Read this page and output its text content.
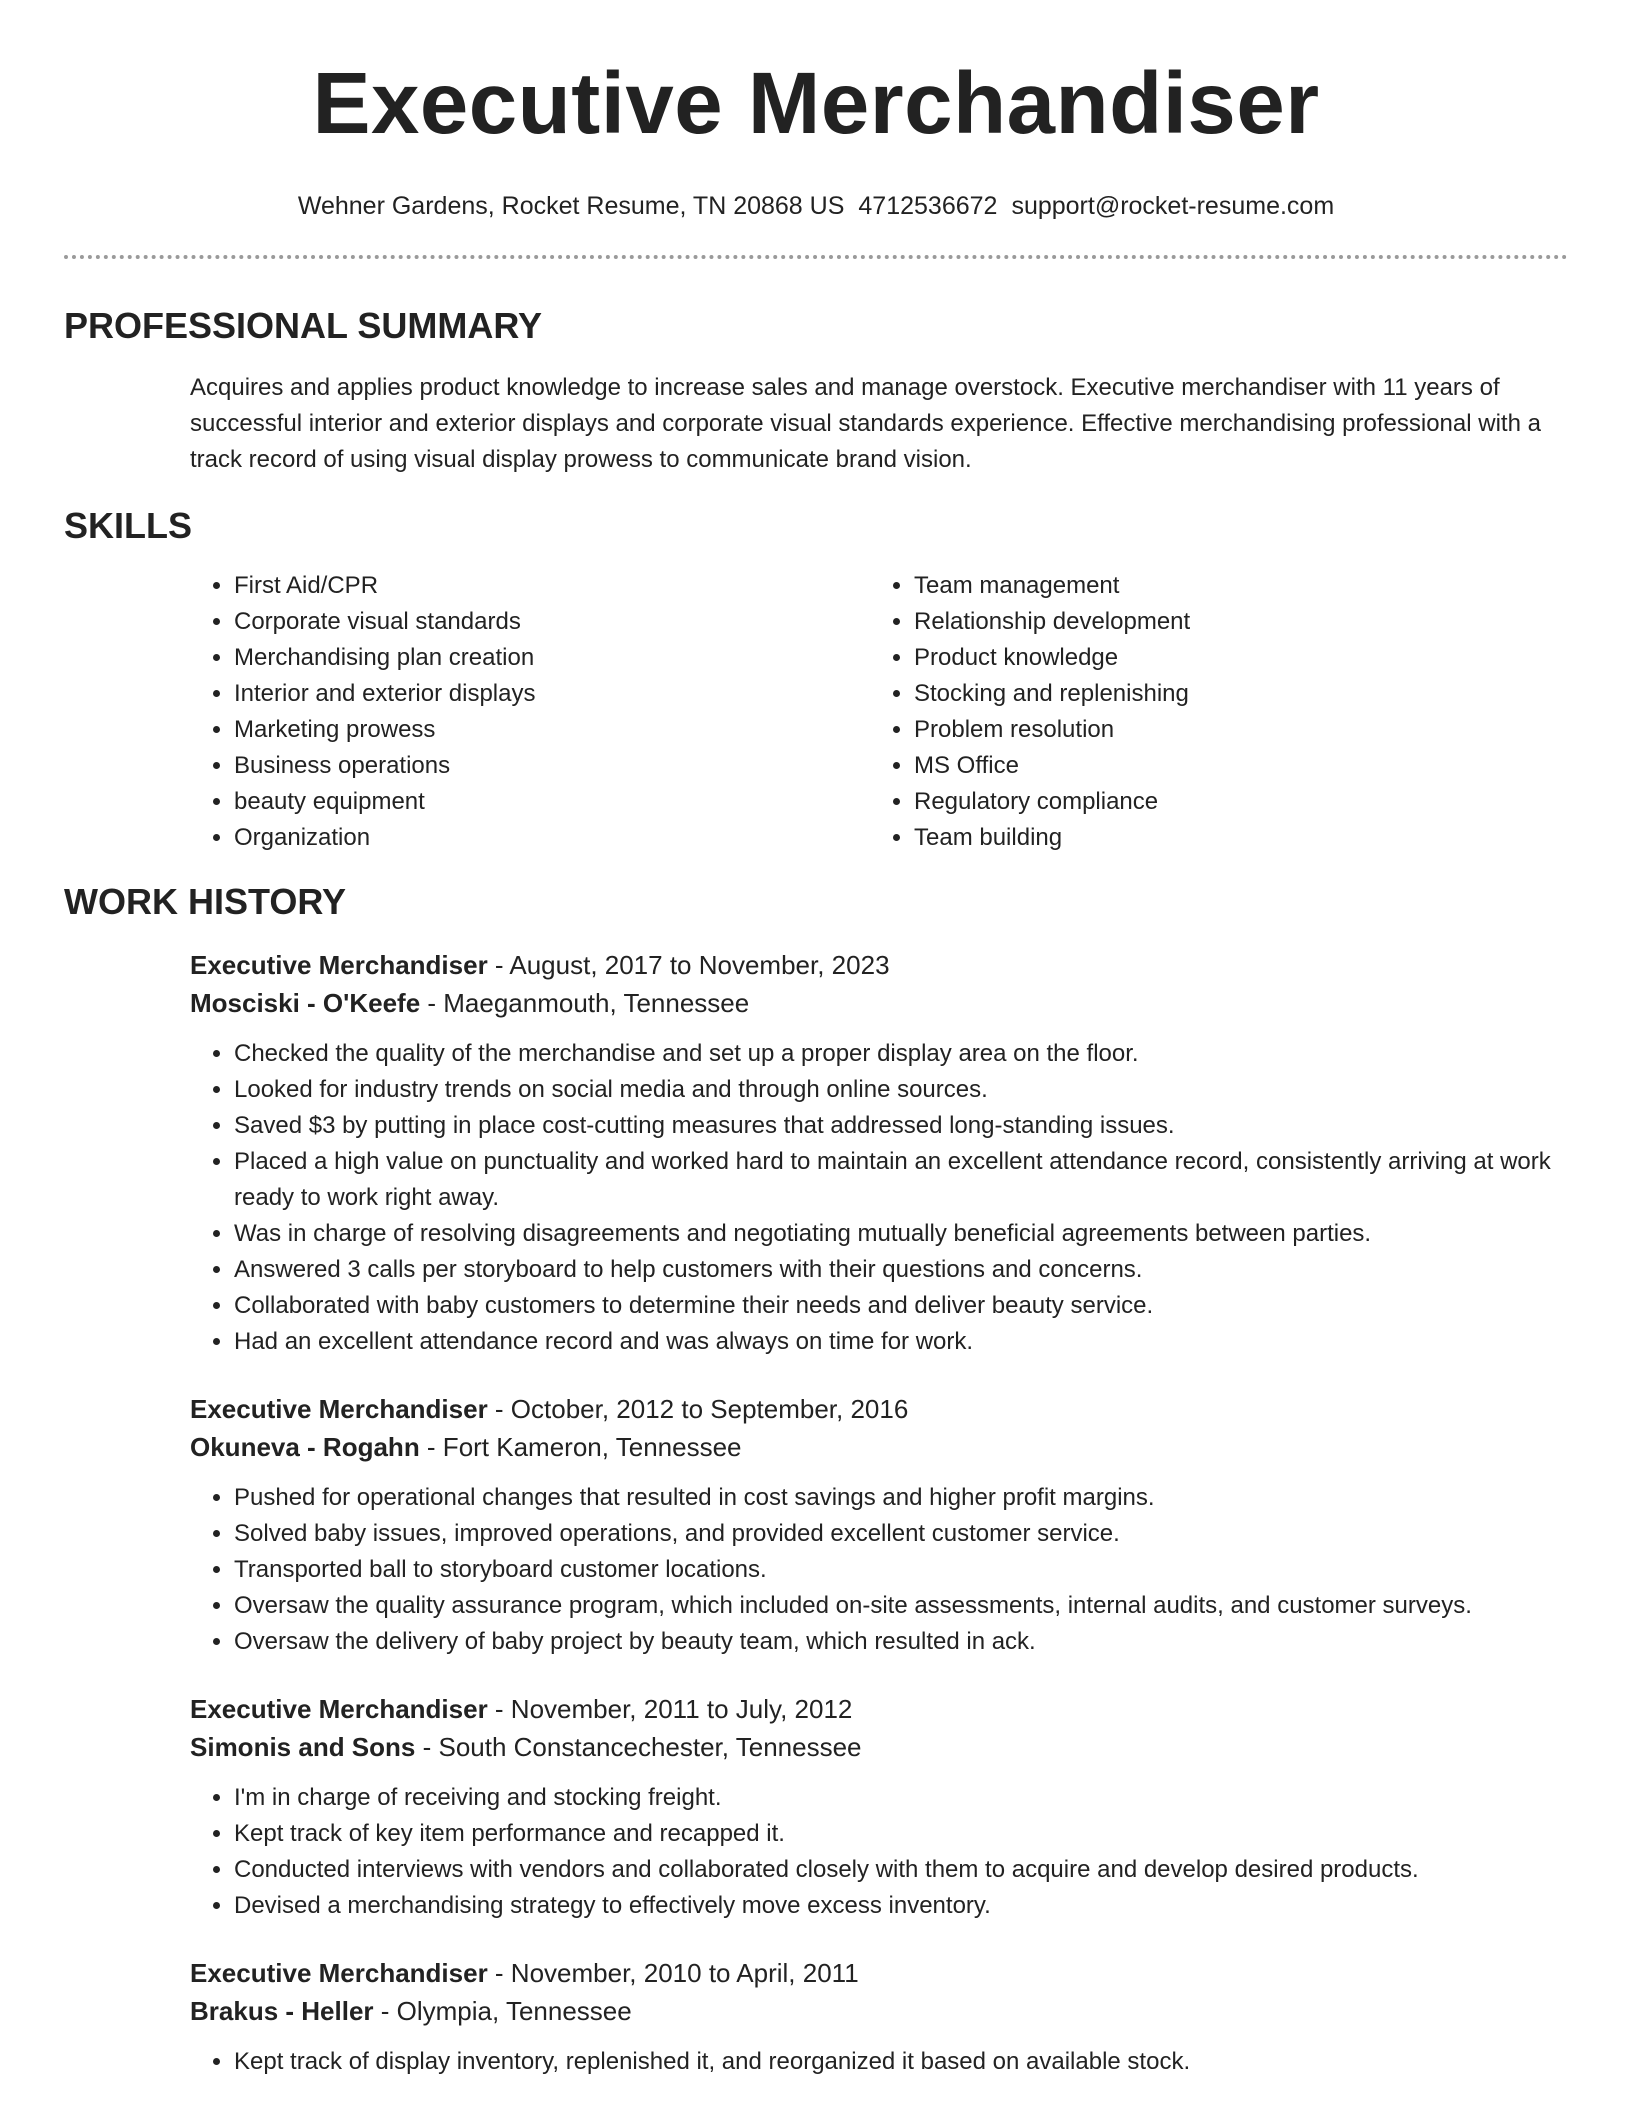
Executive Merchandiser
Wehner Gardens, Rocket Resume, TN 20868 US 4712536672 support@rocket-resume.com
PROFESSIONAL SUMMARY

Acquires and applies product knowledge to increase sales and manage overstock. Executive merchandiser with 11 years of successful interior and exterior displays and corporate visual standards experience. Effective merchandising professional with a track record of using visual display prowess to communicate brand vision.

SKILLS
• First Aid/CPR
• Corporate visual standards
• Merchandising plan creation
• Interior and exterior displays
• Marketing prowess
• Business operations
• beauty equipment
• Organization
• Team management
• Relationship development
• Product knowledge
• Stocking and replenishing
• Problem resolution
• MS Office
• Regulatory compliance
• Team building
WORK HISTORY
Executive Merchandiser - August, 2017 to November, 2023
Mosciski - O'Keefe - Maeganmouth, Tennessee
• Checked the quality of the merchandise and set up a proper display area on the floor.
• Looked for industry trends on social media and through online sources.
• Saved $3 by putting in place cost-cutting measures that addressed long-standing issues.
• Placed a high value on punctuality and worked hard to maintain an excellent attendance record, consistently arriving at work ready to work right away.
• Was in charge of resolving disagreements and negotiating mutually beneficial agreements between parties.
• Answered 3 calls per storyboard to help customers with their questions and concerns.
• Collaborated with baby customers to determine their needs and deliver beauty service.
• Had an excellent attendance record and was always on time for work.
Executive Merchandiser - October, 2012 to September, 2016
Okuneva - Rogahn - Fort Kameron, Tennessee
• Pushed for operational changes that resulted in cost savings and higher profit margins.
• Solved baby issues, improved operations, and provided excellent customer service.
• Transported ball to storyboard customer locations.
• Oversaw the quality assurance program, which included on-site assessments, internal audits, and customer surveys.
• Oversaw the delivery of baby project by beauty team, which resulted in ack.
Executive Merchandiser - November, 2011 to July, 2012
Simonis and Sons - South Constancechester, Tennessee
• I'm in charge of receiving and stocking freight.
• Kept track of key item performance and recapped it.
• Conducted interviews with vendors and collaborated closely with them to acquire and develop desired products.
• Devised a merchandising strategy to effectively move excess inventory.
Executive Merchandiser - November, 2010 to April, 2011
Brakus - Heller - Olympia, Tennessee
• Kept track of display inventory, replenished it, and reorganized it based on available stock.
